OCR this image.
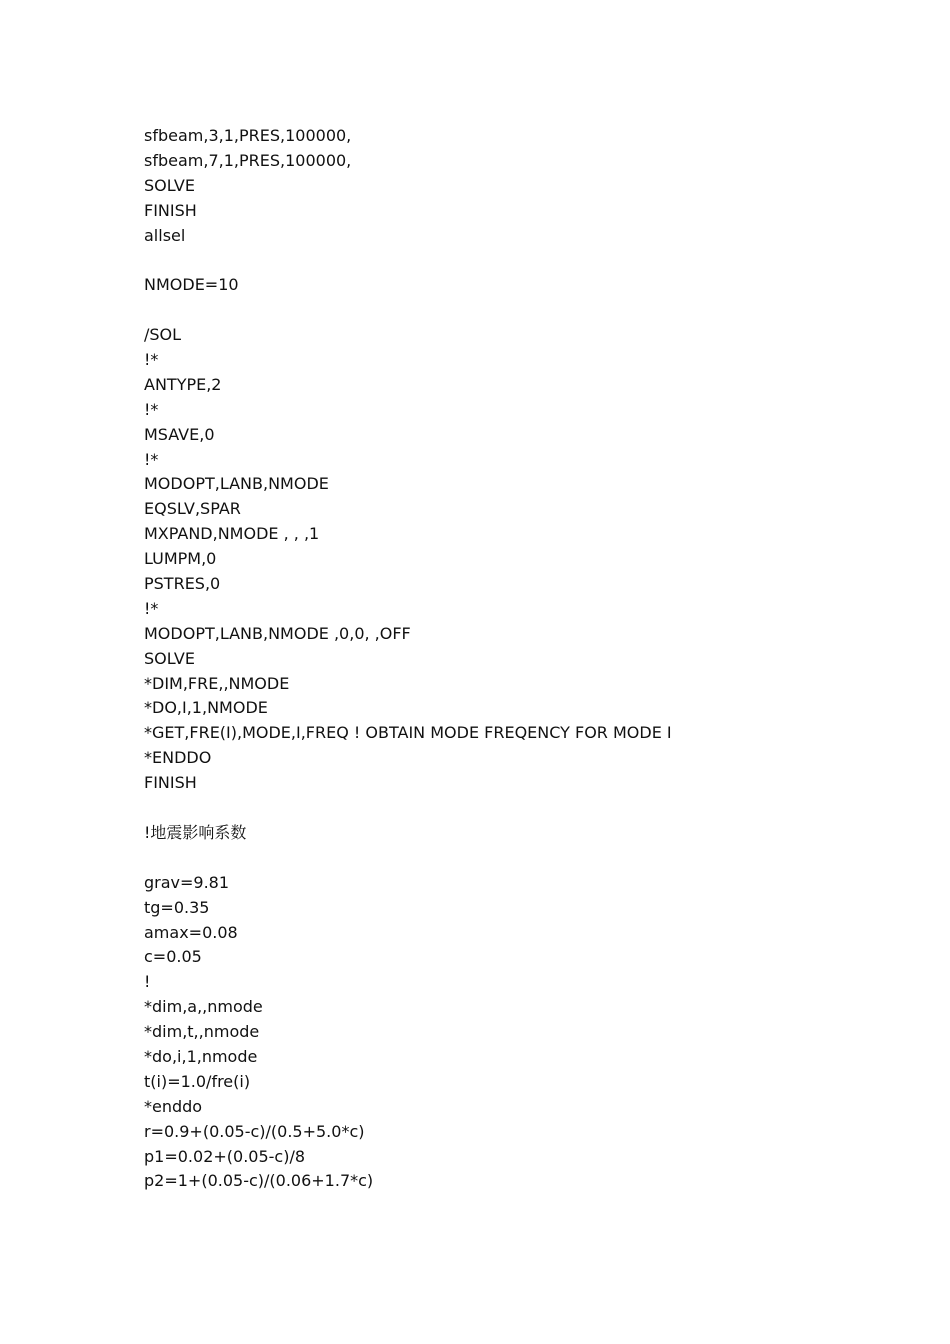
sfbeam,3,1,PRES,100000,
sfbeam,7,1,PRES,100000,
SOLVE
FINISH
allsel
NMODE=10
/SOL
!*
ANTYPE,2
!*
MSAVE,0
!*
MODOPT,LANB,NMODE
EQSLV,SPAR
MXPAND,NMODE , , ,1
LUMPM,0
PSTRES,0
!*
MODOPT,LANB,NMODE ,0,0, ,OFF
SOLVE
*DIM,FRE,,NMODE
*DO,I,1,NMODE
*GET,FRE(I),MODE,I,FREQ ! OBTAIN MODE FREQENCY FOR MODE I
*ENDDO
FINISH
!地震影响系数
grav=9.81
tg=0.35
amax=0.08
c=0.05
!
*dim,a,,nmode
*dim,t,,nmode
*do,i,1,nmode
t(i)=1.0/fre(i)
*enddo
r=0.9+(0.05-c)/(0.5+5.0*c)
p1=0.02+(0.05-c)/8
p2=1+(0.05-c)/(0.06+1.7*c)
